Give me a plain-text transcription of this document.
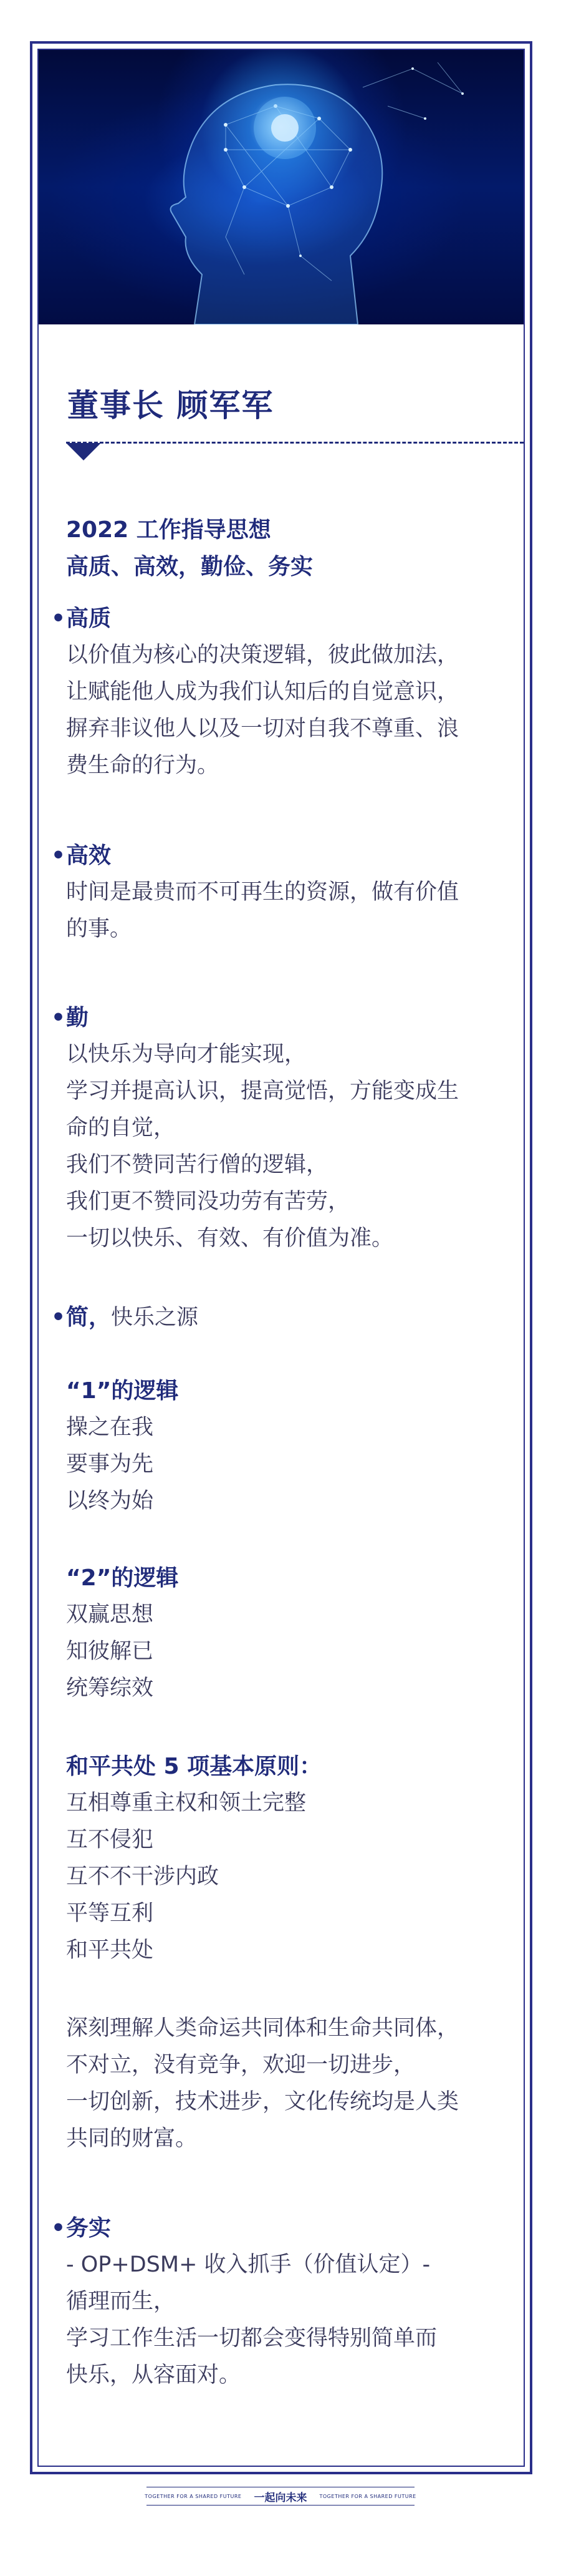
董事长 顾军军
2022 工作指导思想
高质、高效，勤俭、务实
•高质
以价值为核心的决策逻辑，彼此做加法，
让赋能他人成为我们认知后的自觉意识，
摒弃非议他人以及一切对自我不尊重、浪
费生命的行为。
•高效
时间是最贵而不可再生的资源，做有价值
的事。
•勤
以快乐为导向才能实现，
学习并提高认识，提高觉悟，方能变成生
命的自觉，
我们不赞同苦行僧的逻辑，
我们更不赞同没功劳有苦劳，
一切以快乐、有效、有价值为准。
•简，快乐之源
“1”的逻辑
操之在我
要事为先
以终为始
“2”的逻辑
双赢思想
知彼解已
统筹综效
和平共处 5 项基本原则：
互相尊重主权和领土完整
互不侵犯
互不不干涉内政
平等互利
和平共处
深刻理解人类命运共同体和生命共同体，
不对立，没有竞争，欢迎一切进步，
一切创新，技术进步，文化传统均是人类
共同的财富。
•务实
- OP+DSM+ 收入抓手（价值认定）-
循理而生，
学习工作生活一切都会变得特别简单而
快乐，从容面对。
TOGETHER FOR A SHARED FUTURE 一起向未来	TOGETHER FOR A SHARED FUTURE
